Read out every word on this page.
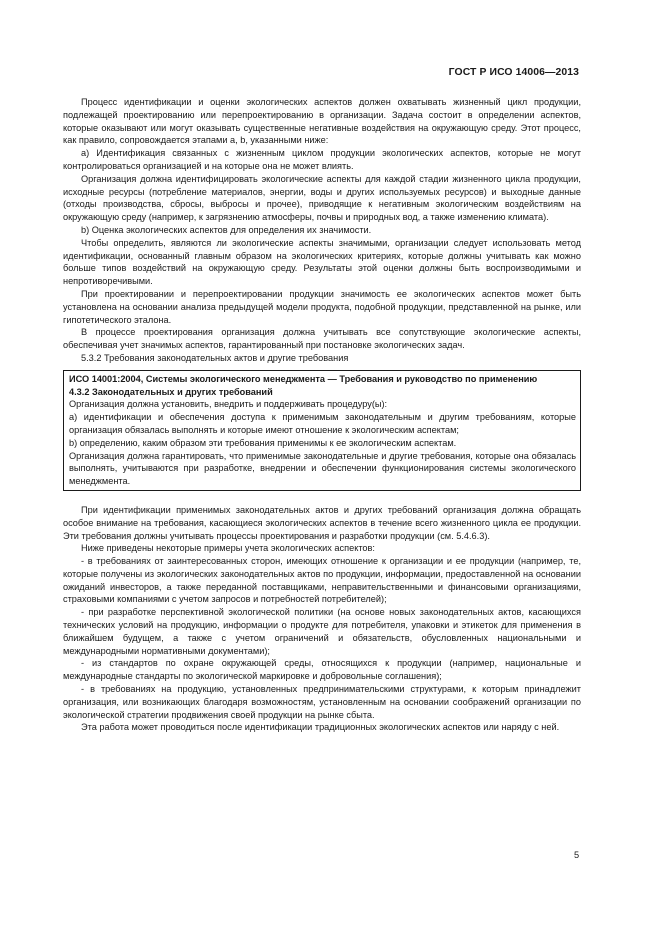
ГОСТ Р ИСО 14006—2013

Процесс идентификации и оценки экологических аспектов должен охватывать жизненный цикл продукции, подлежащей проектированию или перепроектированию в организации. Задача состоит в определении аспектов, которые оказывают или могут оказывать существенные негативные воздействия на окружающую среду. Этот процесс, как правило, сопровождается этапами a, b, указанными ниже:

a) Идентификация связанных с жизненным циклом продукции экологических аспектов, которые не могут контролироваться организацией и на которые она не может влиять.

Организация должна идентифицировать экологические аспекты для каждой стадии жизненного цикла продукции, исходные ресурсы (потребление материалов, энергии, воды и других используемых ресурсов) и выходные данные (отходы производства, сбросы, выбросы и прочее), приводящие к негативным экологическим воздействиям на окружающую среду (например, к загрязнению атмосферы, почвы и природных вод, а также изменению климата).

b) Оценка экологических аспектов для определения их значимости.

Чтобы определить, являются ли экологические аспекты значимыми, организации следует использовать метод идентификации, основанный главным образом на экологических критериях, которые должны учитывать как можно больше типов воздействий на окружающую среду. Результаты этой оценки должны быть воспроизводимыми и непротиворечивыми.

При проектировании и перепроектировании продукции значимость ее экологических аспектов может быть установлена на основании анализа предыдущей модели продукта, подобной продукции, представленной на рынке, или гипотетического эталона.

В процессе проектирования организация должна учитывать все сопутствующие экологические аспекты, обеспечивая учет значимых аспектов, гарантированный при постановке экологических задач.

5.3.2 Требования законодательных актов и другие требования

ИСО 14001:2004, Системы экологического менеджмента — Требования и руководство по применению

4.3.2 Законодательных и других требований

Организация должна установить, внедрить и поддерживать процедуру(ы):

a) идентификации и обеспечения доступа к применимым законодательным и другим требованиям, которые организация обязалась выполнять и которые имеют отношение к экологическим аспектам;

b) определению, каким образом эти требования применимы к ее экологическим аспектам.

Организация должна гарантировать, что применимые законодательные и другие требования, которые она обязалась выполнять, учитываются при разработке, внедрении и обеспечении функционирования системы экологического менеджмента.

При идентификации применимых законодательных актов и других требований организация должна обращать особое внимание на требования, касающиеся экологических аспектов в течение всего жизненного цикла ее продукции. Эти требования должны учитывать процессы проектирования и разработки продукции (см. 5.4.6.3).

Ниже приведены некоторые примеры учета экологических аспектов:

- в требованиях от заинтересованных сторон, имеющих отношение к организации и ее продукции (например, те, которые получены из экологических законодательных актов по продукции, информации, предоставленной на основании ожиданий инвесторов, а также переданной поставщиками, неправительственными и финансовыми организациями, страховыми компаниями с учетом запросов и потребностей потребителей);

- при разработке перспективной экологической политики (на основе новых законодательных актов, касающихся технических условий на продукцию, информации о продукте для потребителя, упаковки и этикеток для применения в ближайшем будущем, а также с учетом ограничений и обязательств, обусловленных национальными и международными нормативными документами);

- из стандартов по охране окружающей среды, относящихся к продукции (например, национальные и международные стандарты по экологической маркировке и добровольные соглашения);

- в требованиях на продукцию, установленных предпринимательскими структурами, к которым принадлежит организация, или возникающих благодаря возможностям, установленным на основании соображений организации по экологической стратегии продвижения своей продукции на рынке сбыта.

Эта работа может проводиться после идентификации традиционных экологических аспектов или наряду с ней.

5
